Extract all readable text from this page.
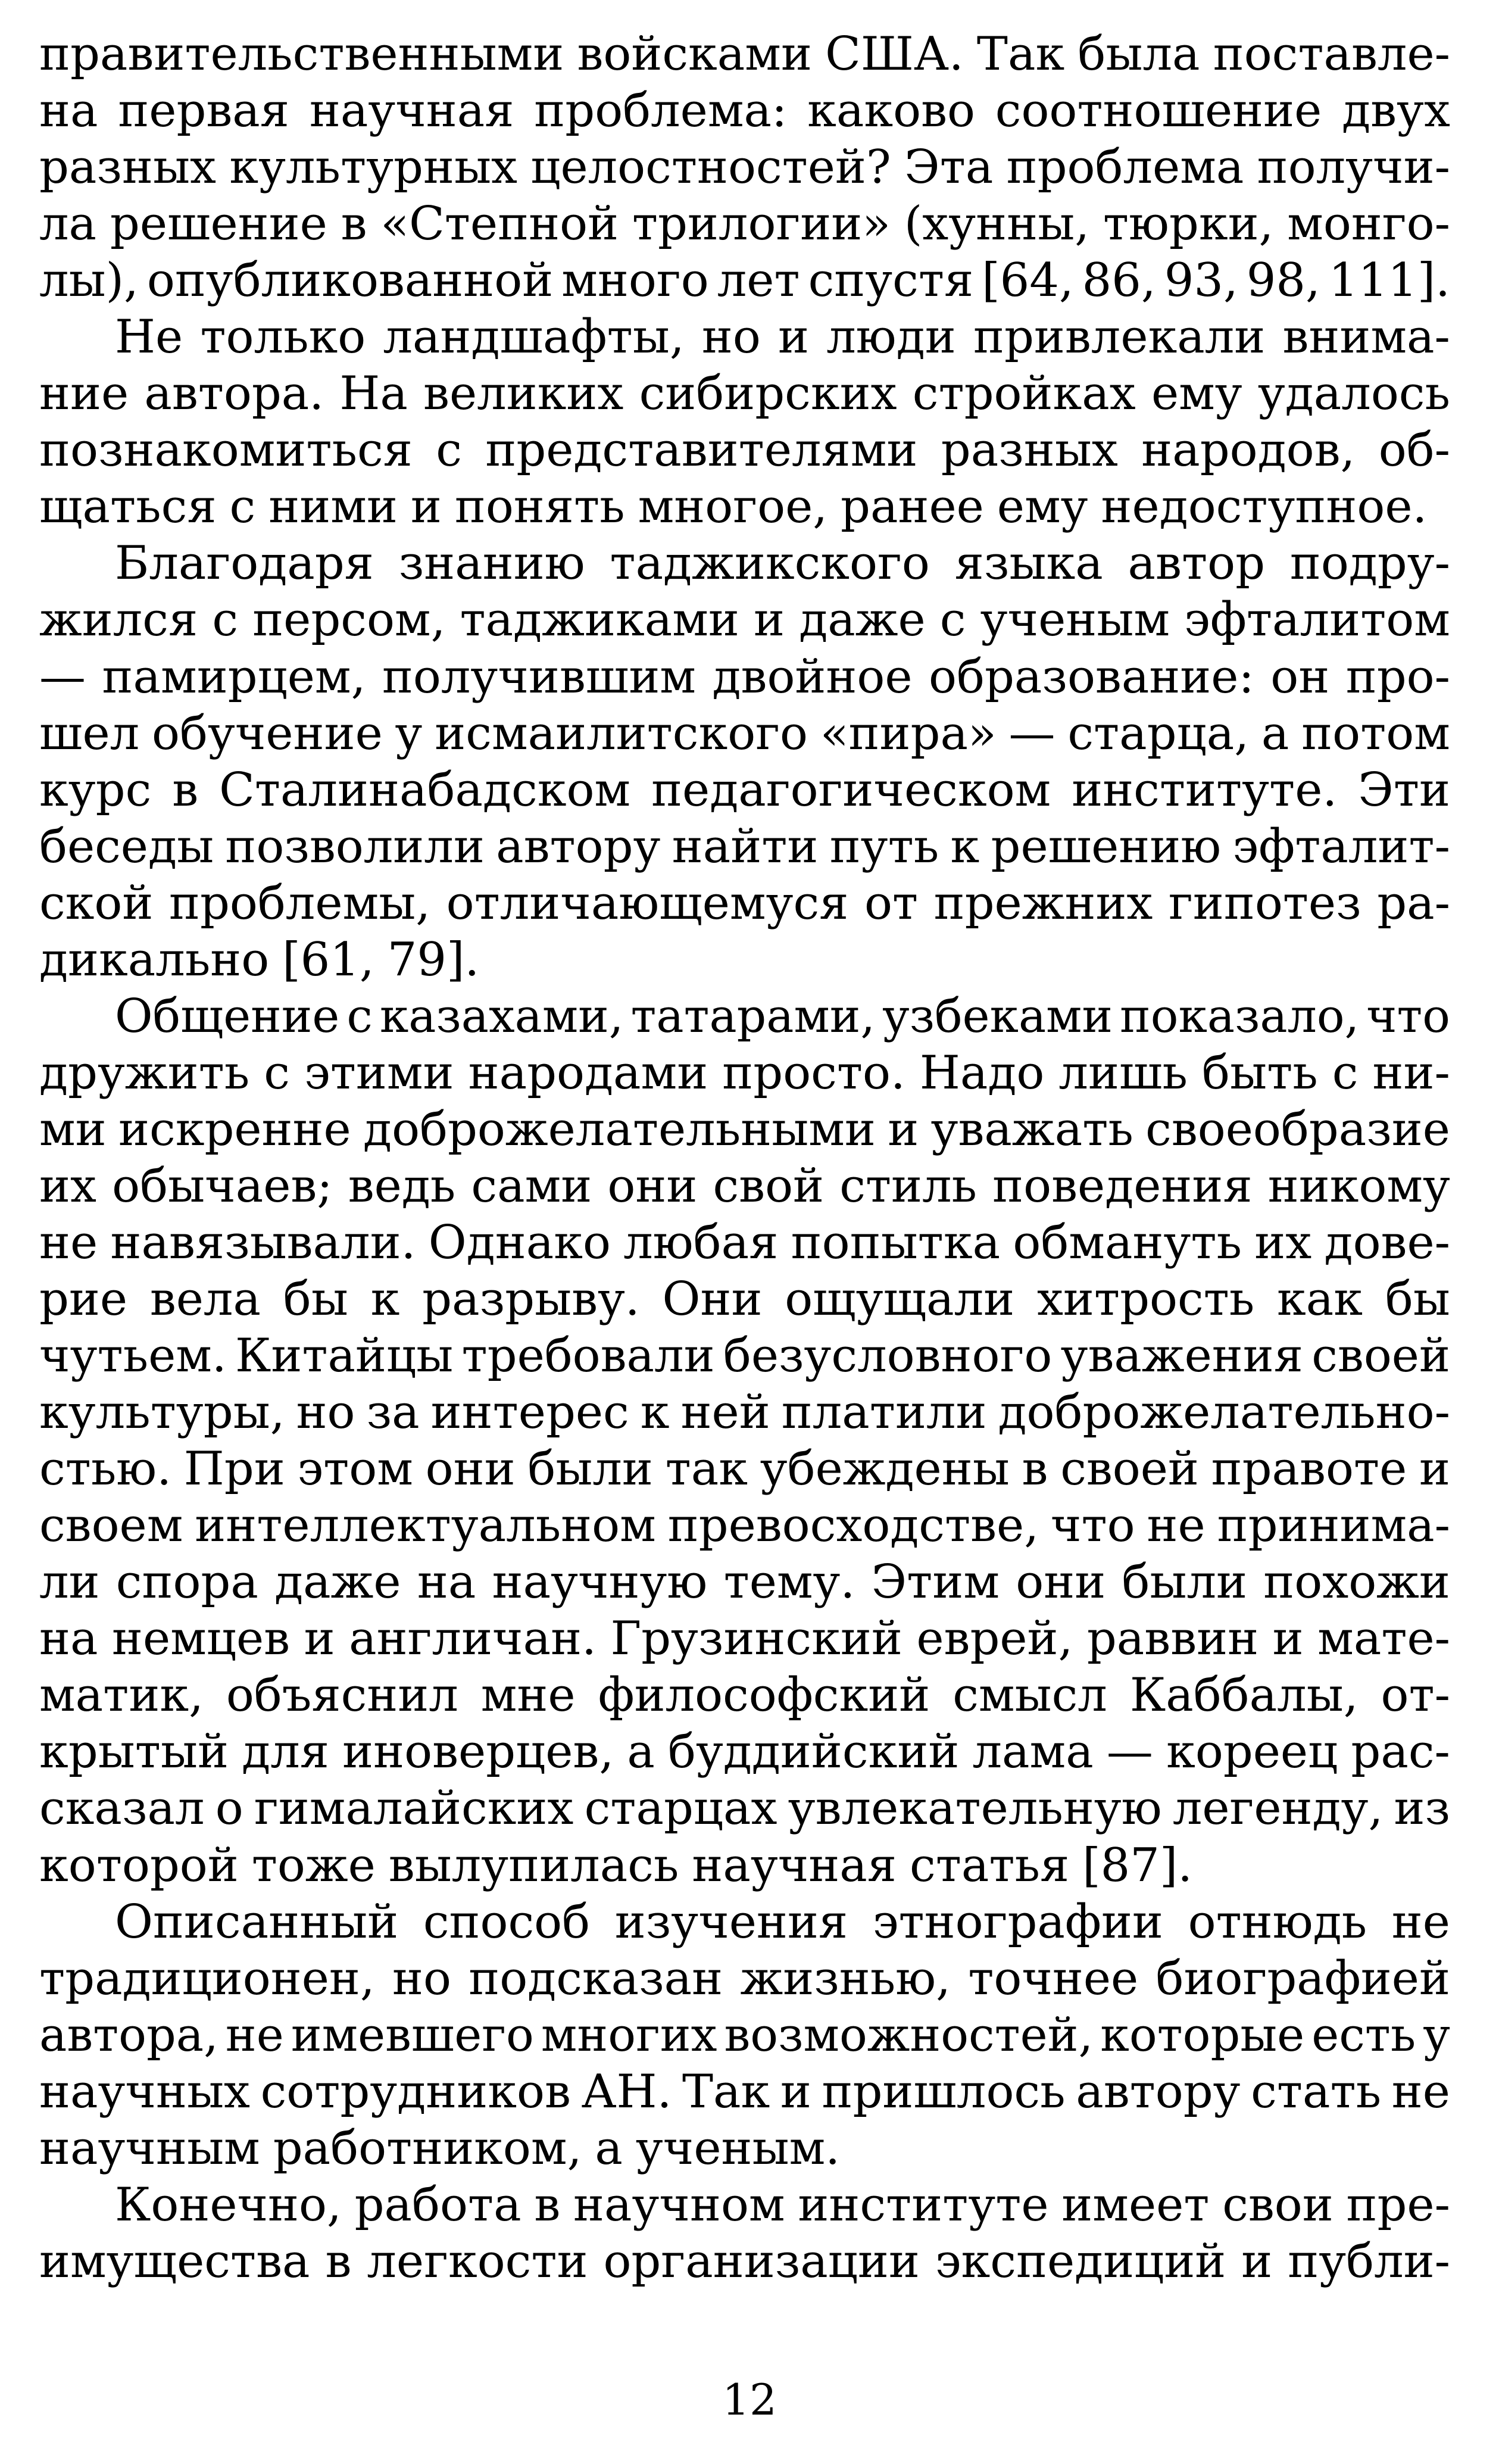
правительственными войсками США. Так была поставле-
на первая научная проблема: каково соотношение двух
разных культурных целостностей? Эта проблема получи-
ла решение в «Степной трилогии» (хунны, тюрки, монго-
лы), опубликованной много лет спустя [64, 86, 93, 98, 111].
Не только ландшафты, но и люди привлекали внима-
ние автора. На великих сибирских стройках ему удалось
познакомиться с представителями разных народов, об-
щаться с ними и понять многое, ранее ему недоступное.
Благодаря знанию таджикского языка автор подру-
жился с персом, таджиками и даже с ученым эфталитом
— памирцем, получившим двойное образование: он про-
шел обучение у исмаилитского «пира» — старца, а потом
курс в Сталинабадском педагогическом институте. Эти
беседы позволили автору найти путь к решению эфталит-
ской проблемы, отличающемуся от прежних гипотез ра-
дикально [61, 79].
Общение с казахами, татарами, узбеками показало, что
дружить с этими народами просто. Надо лишь быть с ни-
ми искренне доброжелательными и уважать своеобразие
их обычаев; ведь сами они свой стиль поведения никому
не навязывали. Однако любая попытка обмануть их дове-
рие вела бы к разрыву. Они ощущали хитрость как бы
чутьем. Китайцы требовали безусловного уважения своей
культуры, но за интерес к ней платили доброжелательно-
стью. При этом они были так убеждены в своей правоте и
своем интеллектуальном превосходстве, что не принима-
ли спора даже на научную тему. Этим они были похожи
на немцев и англичан. Грузинский еврей, раввин и мате-
матик, объяснил мне философский смысл Каббалы, от-
крытый для иноверцев, а буддийский лама — кореец рас-
сказал о гималайских старцах увлекательную легенду, из
которой тоже вылупилась научная статья [87].
Описанный способ изучения этнографии отнюдь не
традиционен, но подсказан жизнью, точнее биографией
автора, не имевшего многих возможностей, которые есть у
научных сотрудников АН. Так и пришлось автору стать не
научным работником, а ученым.
Конечно, работа в научном институте имеет свои пре-
имущества в легкости организации экспедиций и публи-
12
